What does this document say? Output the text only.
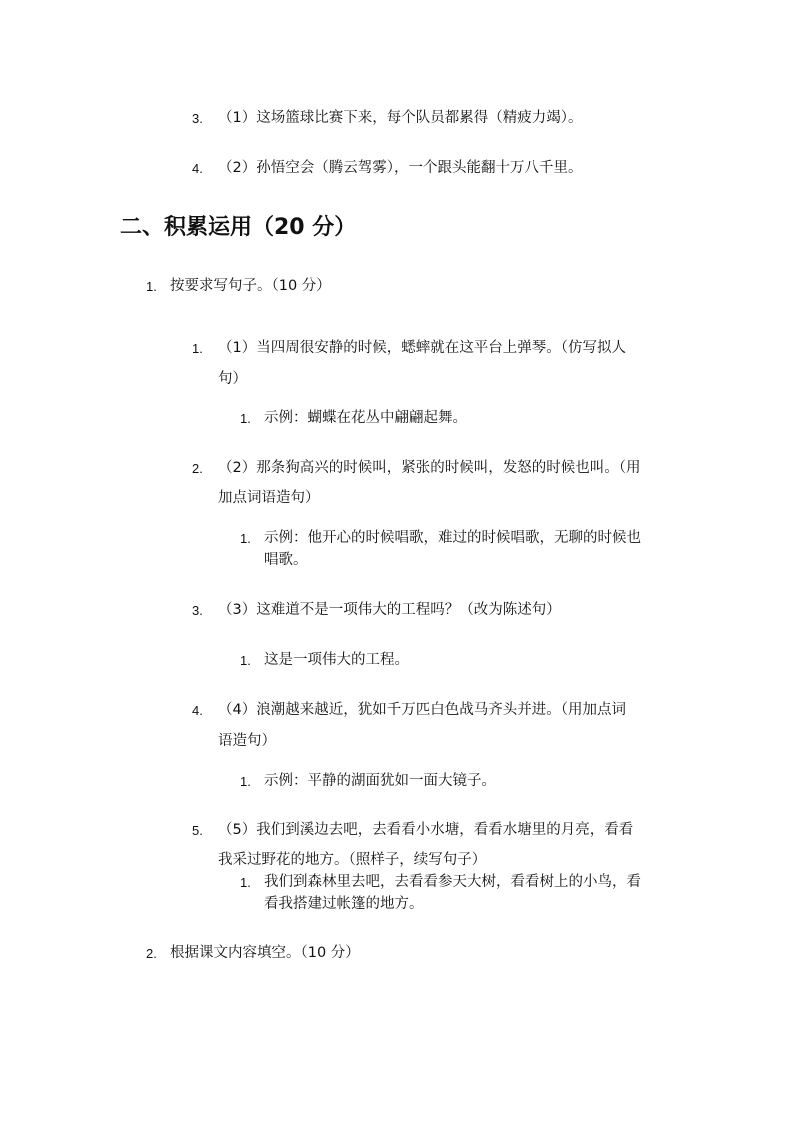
3. （1）这场篮球比赛下来，每个队员都累得（精疲力竭）。
4. （2）孙悟空会（腾云驾雾），一个跟头能翻十万八千里。
二、积累运用（20 分）
1. 按要求写句子。（10 分）
1. （1）当四周很安静的时候，蟋蟀就在这平台上弹琴。（仿写拟人
句）
1. 示例：蝴蝶在花丛中翩翩起舞。
2. （2）那条狗高兴的时候叫，紧张的时候叫，发怒的时候也叫。（用
加点词语造句）
1. 示例：他开心的时候唱歌，难过的时候唱歌，无聊的时候也
唱歌。
3. （3）这难道不是一项伟大的工程吗？（改为陈述句）
1. 这是一项伟大的工程。
4. （4）浪潮越来越近，犹如千万匹白色战马齐头并进。（用加点词
语造句）
1. 示例：平静的湖面犹如一面大镜子。
5. （5）我们到溪边去吧，去看看小水塘，看看水塘里的月亮，看看
我采过野花的地方。（照样子，续写句子）
1. 我们到森林里去吧，去看看参天大树，看看树上的小鸟，看
看我搭建过帐篷的地方。
2. 根据课文内容填空。（10 分）
